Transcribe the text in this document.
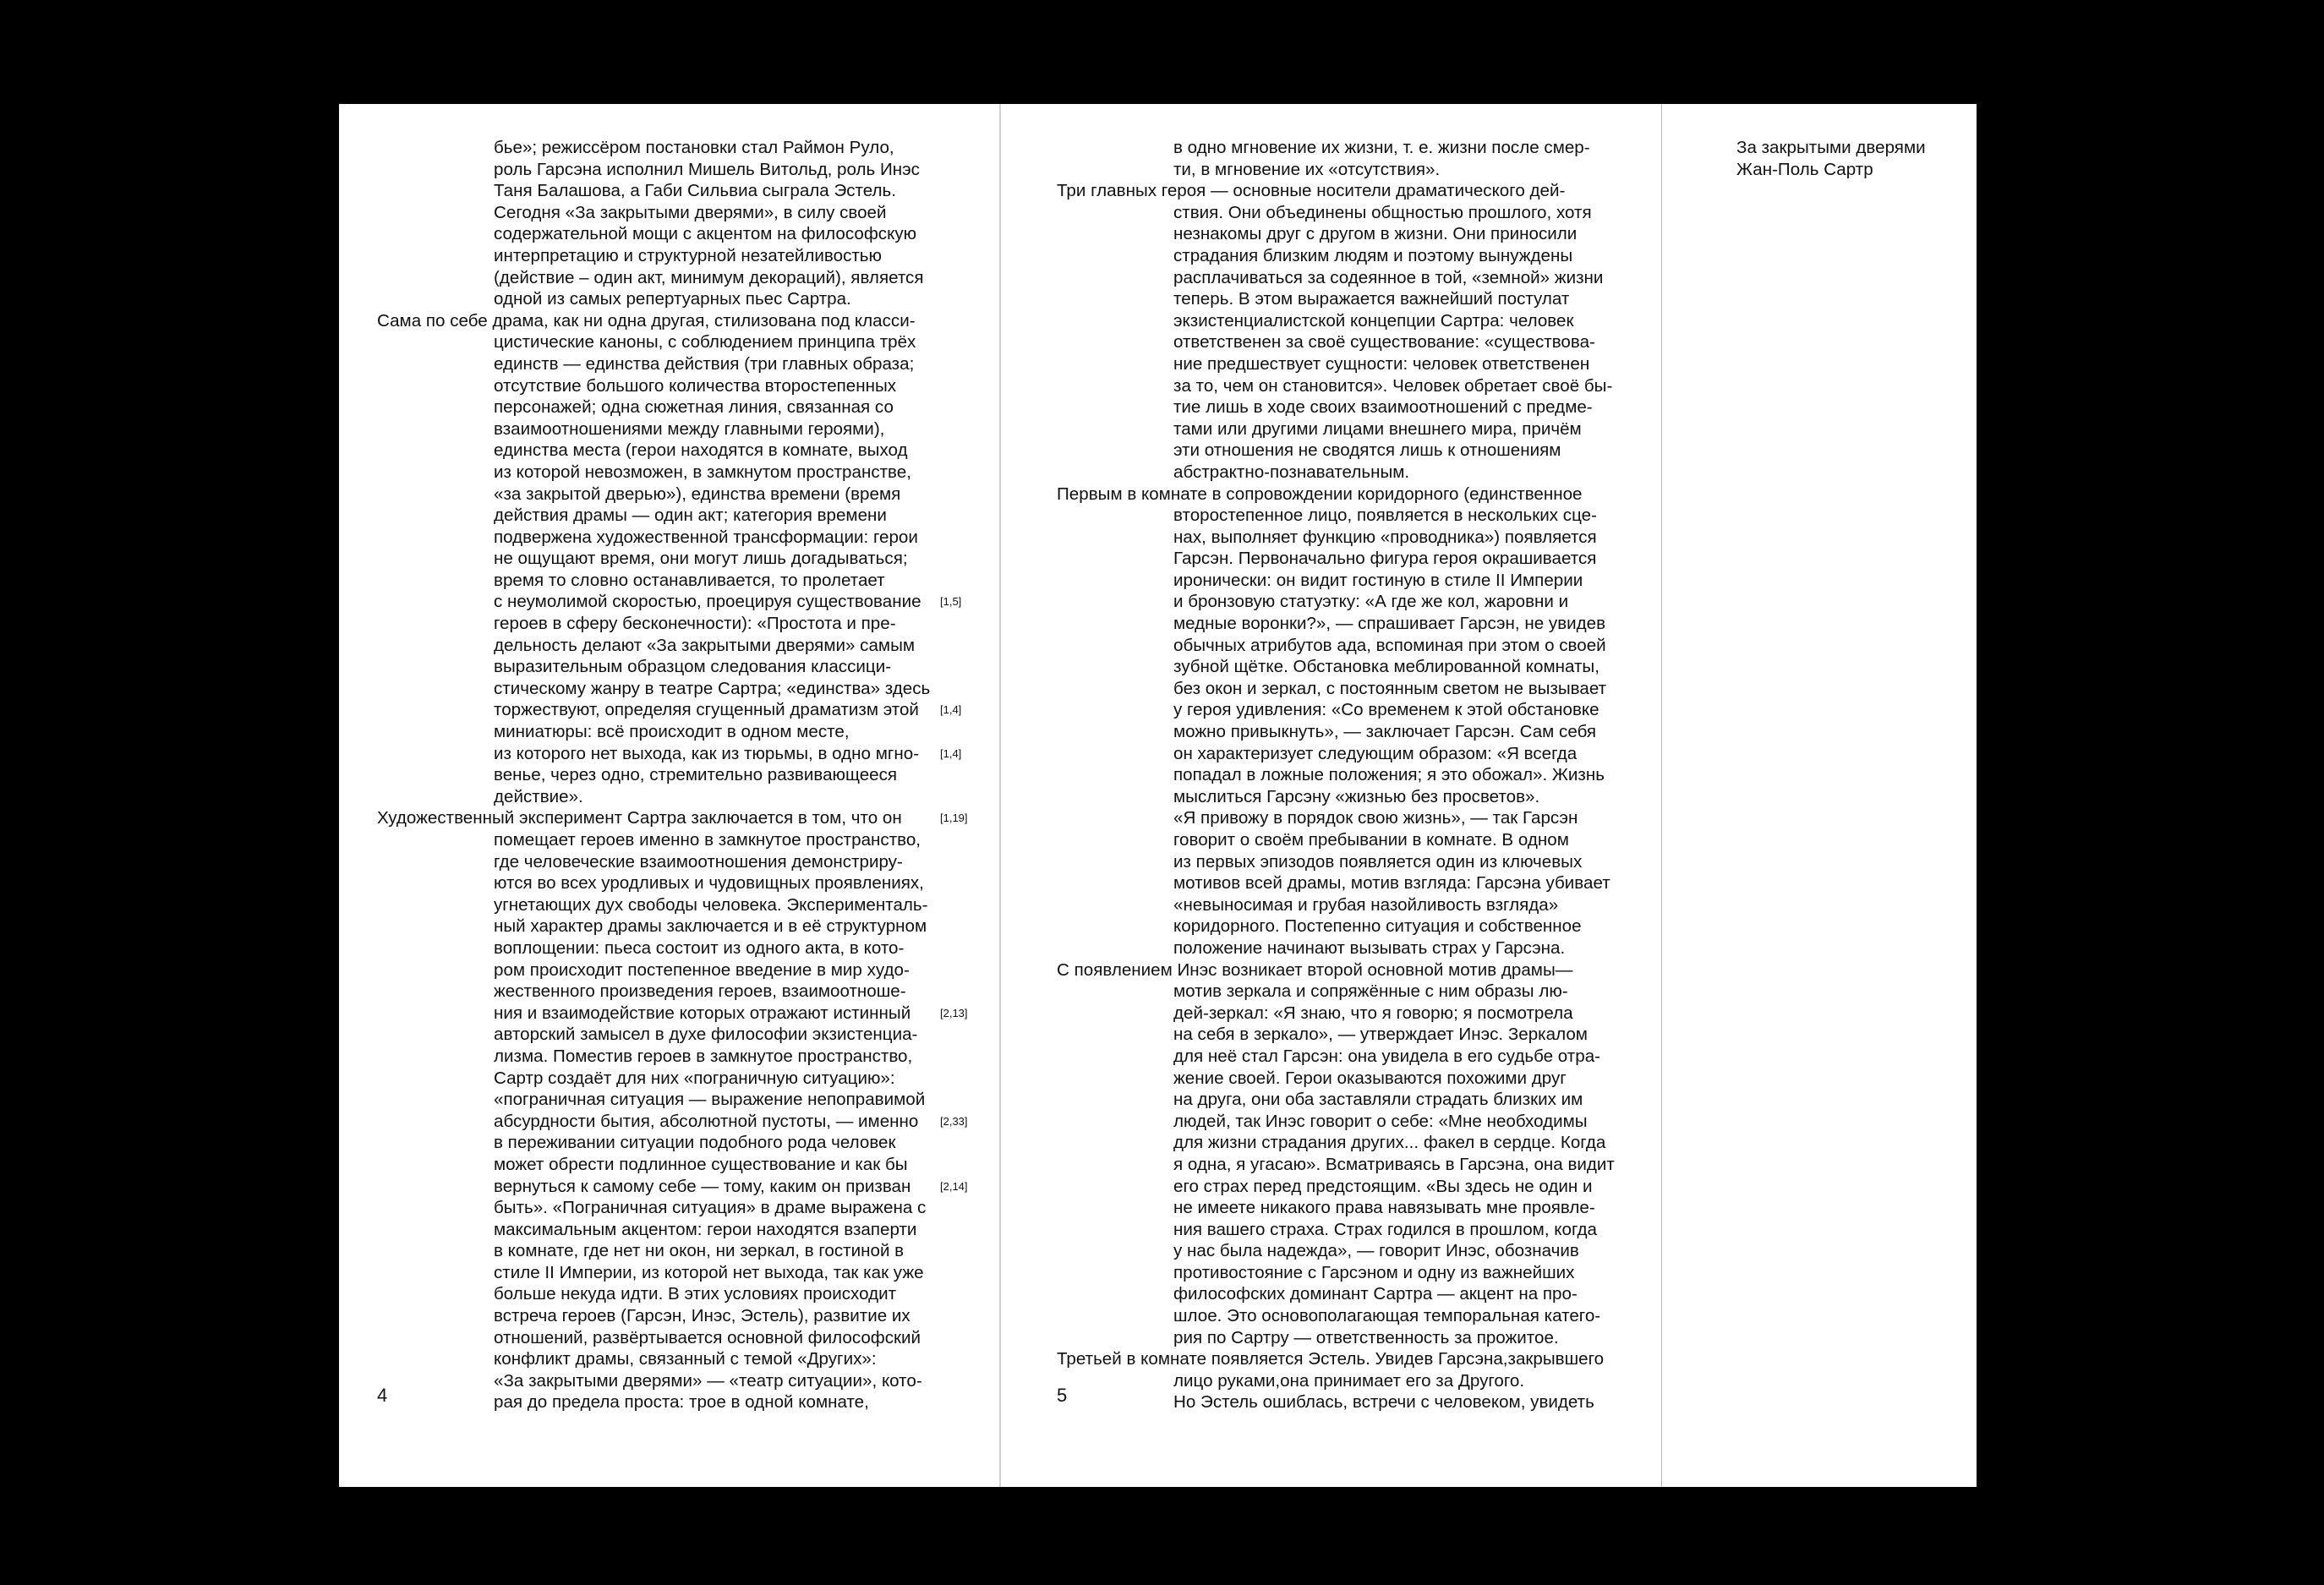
бье»; режиссёром постановки стал Раймон Руло,
роль Гарсэна исполнил Мишель Витольд, роль Инэс
Таня Балашова, а Габи Сильвиа сыграла Эстель.
Сегодня «За закрытыми дверями», в силу своей
содержательной мощи с акцентом на философскую
интерпретацию и структурной незатейливостью
(действие – один акт, минимум декораций), является
одной из самых репертуарных пьес Сартра.
Сама по себе драма, как ни одна другая, стилизована под класси-
цистические каноны, с соблюдением принципа трёх
единств — единства действия (три главных образа;
отсутствие большого количества второстепенных
персонажей; одна сюжетная линия, связанная со
взаимоотношениями между главными героями),
единства места (герои находятся в комнате, выход
из которой невозможен, в замкнутом пространстве,
«за закрытой дверью»), единства времени (время
действия драмы — один акт; категория времени
подвержена художественной трансформации: герои
не ощущают время, они могут лишь догадываться;
время то словно останавливается, то пролетает
с неумолимой скоростью, проецируя существование
героев в сферу бесконечности): «Простота и пре-
дельность делают «За закрытыми дверями» самым
выразительным образцом следования классици-
стическому жанру в театре Сартра; «единства» здесь
торжествуют, определяя сгущенный драматизм этой
миниатюры: всё происходит в одном месте,
из которого нет выхода, как из тюрьмы, в одно мгно-
венье, через одно, стремительно развивающееся
действие».
Художественный эксперимент Сартра заключается в том, что он
помещает героев именно в замкнутое пространство,
где человеческие взаимоотношения демонстриру-
ются во всех уродливых и чудовищных проявлениях,
угнетающих дух свободы человека. Эксперименталь-
ный характер драмы заключается и в её структурном
воплощении: пьеса состоит из одного акта, в кото-
ром происходит постепенное введение в мир худо-
жественного произведения героев, взаимоотноше-
ния и взаимодействие которых отражают истинный
авторский замысел в духе философии экзистенциа-
лизма. Поместив героев в замкнутое пространство,
Сартр создаёт для них «пограничную ситуацию»:
«пограничная ситуация — выражение непоправимой
абсурдности бытия, абсолютной пустоты, — именно
в переживании ситуации подобного рода человек
может обрести подлинное существование и как бы
вернуться к самому себе — тому, каким он призван
быть». «Пограничная ситуация» в драме выражена с
максимальным акцентом: герои находятся взаперти
в комнате, где нет ни окон, ни зеркал, в гостиной в
стиле II Империи, из которой нет выхода, так как уже
больше некуда идти. В этих условиях происходит
встреча героев (Гарсэн, Инэс, Эстель), развитие их
отношений, развёртывается основной философский
конфликт драмы, связанный с темой «Других»:
«За закрытыми дверями» — «театр ситуации», кото-
рая до предела проста: трое в одной комнате,
4
в одно мгновение их жизни, т. е. жизни после смер-
ти, в мгновение их «отсутствия».
Три главных героя — основные носители драматического дей-
ствия. Они объединены общностью прошлого, хотя
незнакомы друг с другом в жизни. Они приносили
страдания близким людям и поэтому вынуждены
расплачиваться за содеянное в той, «земной» жизни
теперь. В этом выражается важнейший постулат
экзистенциалистской концепции Сартра: человек
ответственен за своё существование: «существова-
ние предшествует сущности: человек ответственен
за то, чем он становится». Человек обретает своё бы-
тие лишь в ходе своих взаимоотношений с предме-
тами или другими лицами внешнего мира, причём
эти отношения не сводятся лишь к отношениям
абстрактно-познавательным.
Первым в комнате в сопровождении коридорного (единственное
второстепенное лицо, появляется в нескольких сце-
нах, выполняет функцию «проводника») появляется
Гарсэн. Первоначально фигура героя окрашивается
иронически: он видит гостиную в стиле II Империи
и бронзовую статуэтку: «А где же кол, жаровни и
[1,5]
медные воронки?», — спрашивает Гарсэн, не увидев
обычных атрибутов ада, вспоминая при этом о своей
зубной щётке. Обстановка меблированной комнаты,
без окон и зеркал, с постоянным светом не вызывает
у героя удивления: «Со временем к этой обстановке
[1,4]
можно привыкнуть», — заключает Гарсэн. Сам себя
он характеризует следующим образом: «Я всегда
[1,4]
попадал в ложные положения; я это обожал». Жизнь
мыслиться Гарсэну «жизнью без просветов».
«Я привожу в порядок свою жизнь», — так Гарсэн
[1,19]
говорит о своём пребывании в комнате. В одном
из первых эпизодов появляется один из ключевых
мотивов всей драмы, мотив взгляда: Гарсэна убивает
«невыносимая и грубая назойливость взгляда»
коридорного. Постепенно ситуация и собственное
положение начинают вызывать страх у Гарсэна.
С появлением Инэс возникает второй основной мотив драмы—
мотив зеркала и сопряжённые с ним образы лю-
дей-зеркал: «Я знаю, что я говорю; я посмотрела
[2,13]
на себя в зеркало», — утверждает Инэс. Зеркалом
для неё стал Гарсэн: она увидела в его судьбе отра-
жение своей. Герои оказываются похожими друг
на друга, они оба заставляли страдать близких им
людей, так Инэс говорит о себе: «Мне необходимы
[2,33]
для жизни страдания других... факел в сердце. Когда
я одна, я угасаю». Всматриваясь в Гарсэна, она видит
его страх перед предстоящим. «Вы здесь не один и
[2,14]
не имеете никакого права навязывать мне проявле-
ния вашего страха. Страх годился в прошлом, когда
у нас была надежда», — говорит Инэс, обозначив
противостояние с Гарсэном и одну из важнейших
философских доминант Сартра — акцент на про-
шлое. Это основополагающая темпоральная катего-
рия по Сартру — ответственность за прожитое.
Третьей в комнате появляется Эстель. Увидев Гарсэна,закрывшего
лицо руками,она принимает его за Другого.
Но Эстель ошиблась, встречи с человеком, увидеть
5
За закрытыми дверями
Жан-Поль Сартр
